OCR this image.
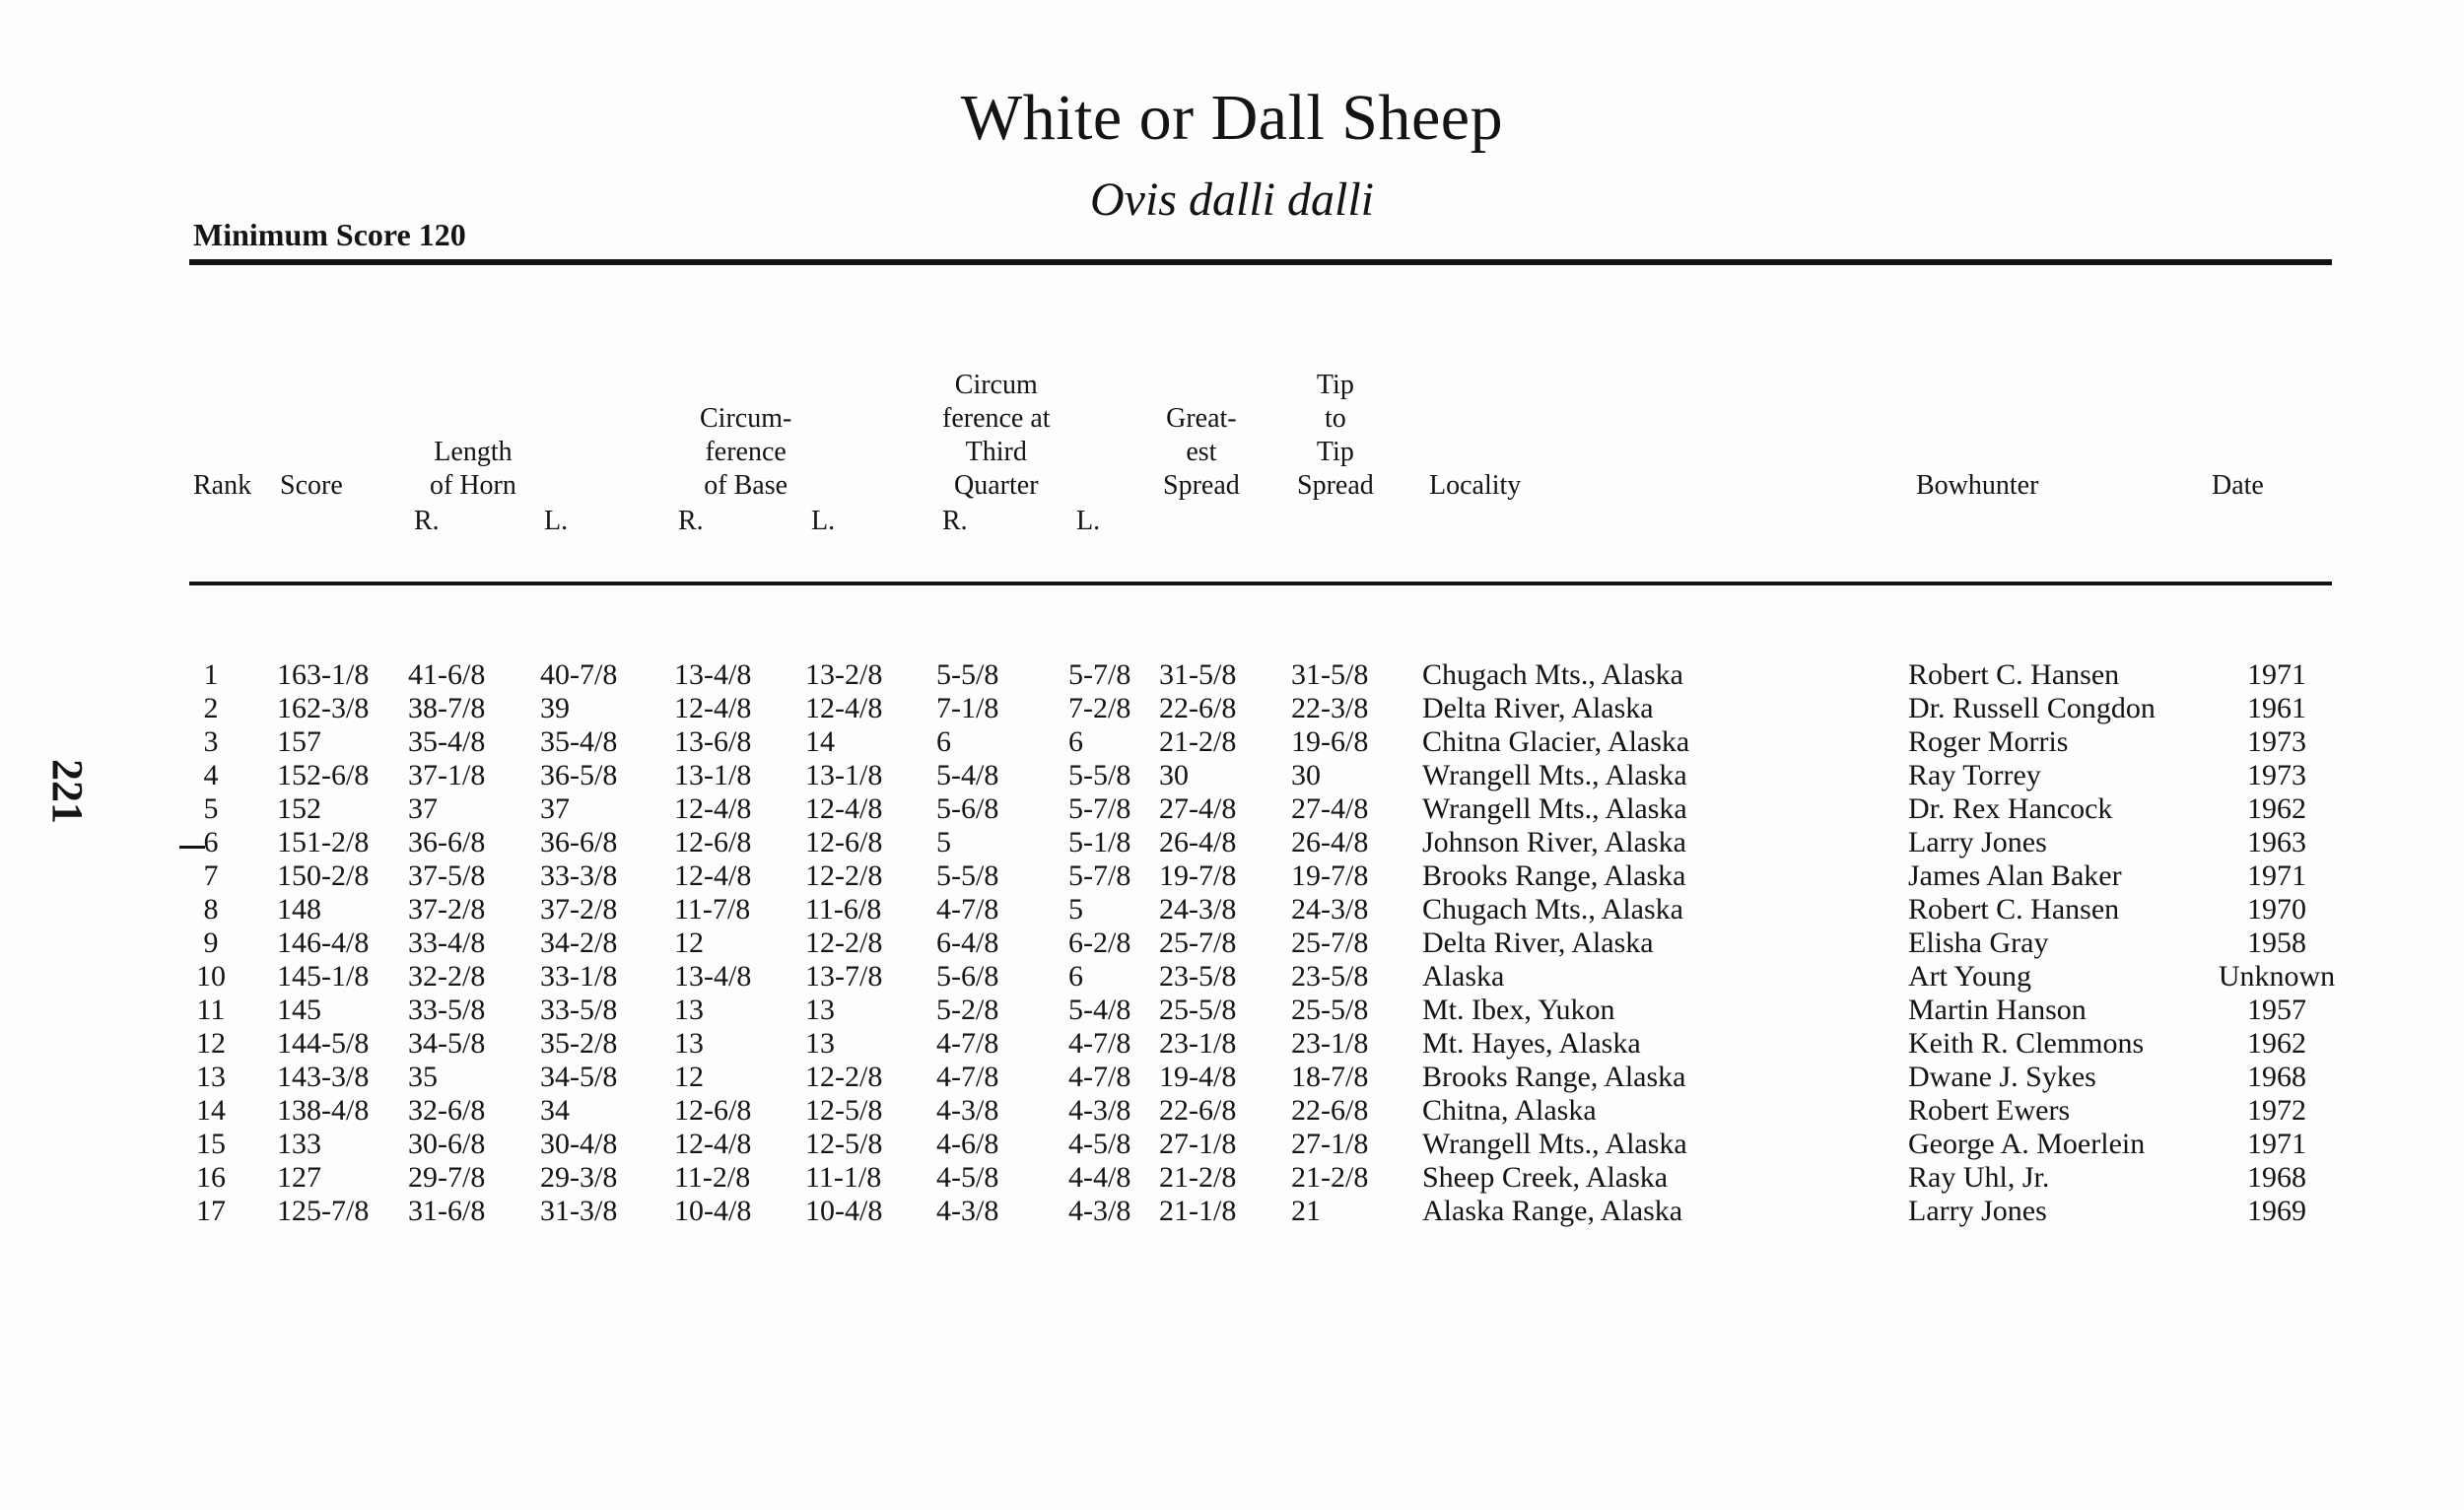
White or Dall Sheep
Ovis dalli dalli
Minimum Score 120
221
Rank Score
Length
of Horn
Circum-
ference
of Base
Circum
ference at
Third
Quarter
Great-
est
Spread
Tip
to
Tip
Spread Locality	Bowhunter	Date
R.	L.	R.	L.	R.	L.
1	163-1/8 41-6/8 40-7/8 13-4/8 13-2/8 5-5/8 5-7/8 31-5/8 31-5/8 Chugach Mts., Alaska	Robert C. Hansen	1971
2	162-3/8 38-7/8 39	12-4/8 12-4/8 7-1/8 7-2/8 22-6/8 22-3/8 Delta River, Alaska	Dr. Russell Congdon	1961
3	157	35-4/8 35-4/8 13-6/8 14	6	6	21-2/8 19-6/8 Chitna Glacier, Alaska	Roger Morris	1973
4	152-6/8 37-1/8 36-5/8 13-1/8 13-1/8 5-4/8 5-5/8 30	30	Wrangell Mts., Alaska	Ray Torrey	1973
5	152	37	37	12-4/8 12-4/8 5-6/8 5-7/8 27-4/8 27-4/8 Wrangell Mts., Alaska	Dr. Rex Hancock	1962
6	151-2/8 36-6/8 36-6/8 12-6/8 12-6/8 5	5-1/8 26-4/8 26-4/8 Johnson River, Alaska	Larry Jones	1963
7	150-2/8 37-5/8 33-3/8 12-4/8 12-2/8 5-5/8 5-7/8 19-7/8 19-7/8 Brooks Range, Alaska	James Alan Baker	1971
8	148	37-2/8 37-2/8 11-7/8 11-6/8 4-7/8 5	24-3/8 24-3/8 Chugach Mts., Alaska	Robert C. Hansen	1970
9	146-4/8 33-4/8 34-2/8 12	12-2/8 6-4/8 6-2/8 25-7/8 25-7/8 Delta River, Alaska	Elisha Gray	1958
10	145-1/8 32-2/8 33-1/8 13-4/8 13-7/8 5-6/8 6	23-5/8 23-5/8 Alaska	Art Young	Unknown
11	145	33-5/8 33-5/8 13	13	5-2/8 5-4/8 25-5/8 25-5/8 Mt. Ibex, Yukon	Martin Hanson	1957
12	144-5/8 34-5/8 35-2/8 13	13	4-7/8 4-7/8 23-1/8 23-1/8 Mt. Hayes, Alaska	Keith R. Clemmons	1962
13	143-3/8 35	34-5/8 12	12-2/8 4-7/8 4-7/8 19-4/8 18-7/8 Brooks Range, Alaska	Dwane J. Sykes	1968
14	138-4/8 32-6/8 34	12-6/8 12-5/8 4-3/8 4-3/8 22-6/8 22-6/8 Chitna, Alaska	Robert Ewers	1972
15	133	30-6/8 30-4/8 12-4/8 12-5/8 4-6/8 4-5/8 27-1/8 27-1/8 Wrangell Mts., Alaska	George A. Moerlein	1971
16	127	29-7/8 29-3/8 11-2/8 11-1/8 4-5/8 4-4/8 21-2/8 21-2/8 Sheep Creek, Alaska	Ray Uhl, Jr.	1968
17	125-7/8 31-6/8 31-3/8 10-4/8 10-4/8 4-3/8 4-3/8 21-1/8 21	Alaska Range, Alaska	Larry Jones	1969
